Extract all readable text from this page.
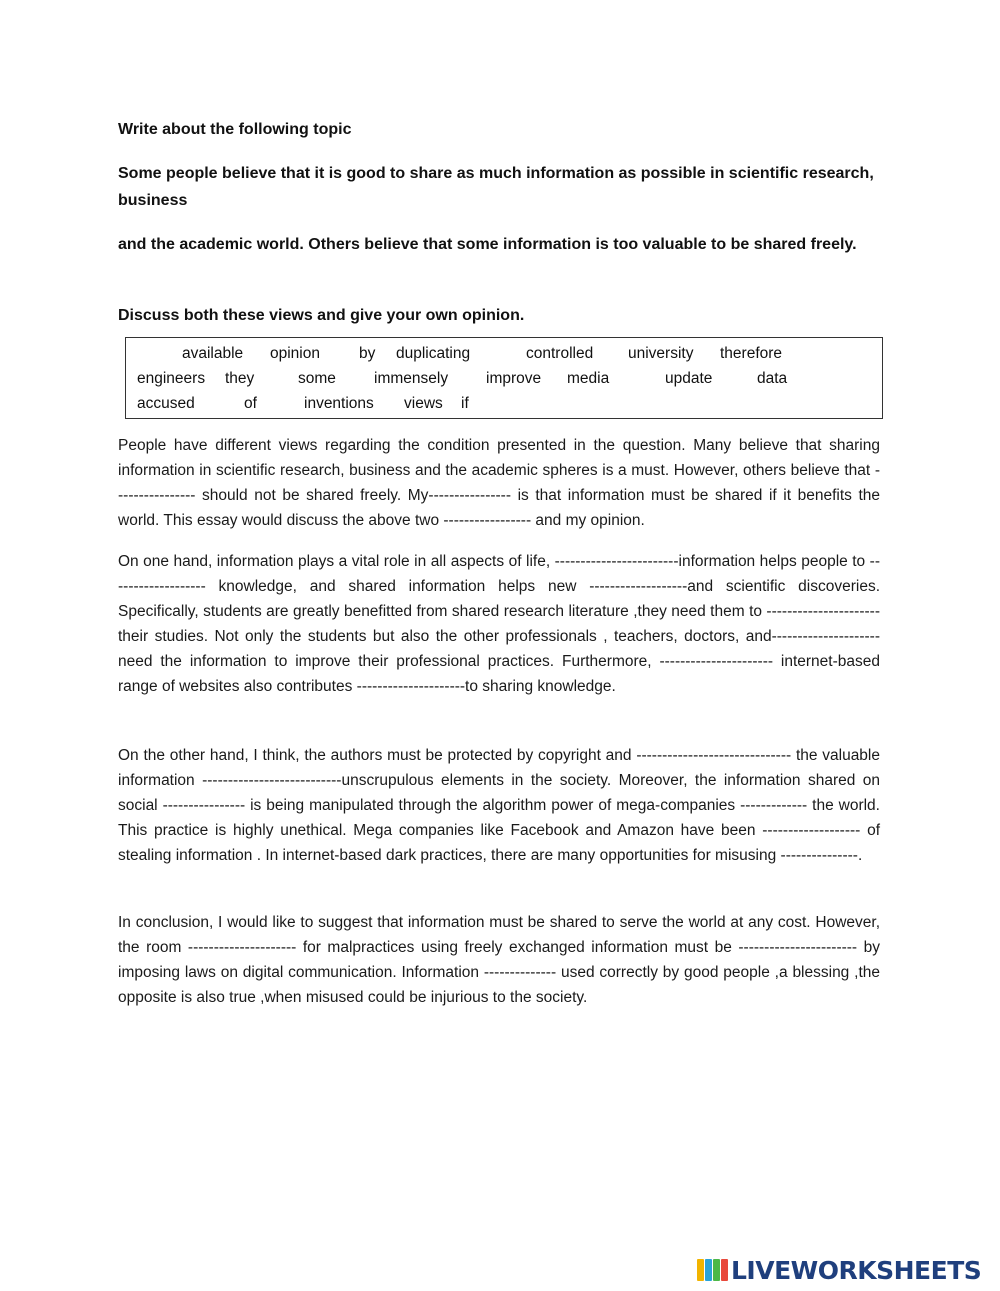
Write about the following topic

Some people believe that it is good to share as much information as possible in scientific research, business

and the academic world. Others believe that some information is too valuable to be shared freely.

Discuss both these views and give your own opinion.

available opinion	by duplicating	controlled university therefore
engineers they	some immensely improve media	update	data
accused	of	inventions views if

People have different views regarding the condition presented in the question. Many believe that sharing information in scientific research, business and the academic spheres is a must. However, others believe that ---------------- should not be shared freely. My---------------- is that information must be shared if it benefits the world. This essay would discuss the above two ----------------- and my opinion.

On one hand, information plays a vital role in all aspects of life, ------------------------information helps people to ------------------- knowledge, and shared information helps new -------------------and scientific discoveries. Specifically, students are greatly benefitted from shared research literature ,they need them to ----------------------their studies. Not only the students but also the other professionals , teachers, doctors, and--------------------- need the information to improve their professional practices. Furthermore, ---------------------- internet-based range of websites also contributes ---------------------to sharing knowledge.

On the other hand, I think, the authors must be protected by copyright and ------------------------------ the valuable information ---------------------------unscrupulous elements in the society. Moreover, the information shared on social ---------------- is being manipulated through the algorithm power of mega-companies ------------- the world. This practice is highly unethical. Mega companies like Facebook and Amazon have been ------------------- of stealing information . In internet-based dark practices, there are many opportunities for misusing ---------------.

In conclusion, I would like to suggest that information must be shared to serve the world at any cost. However, the room --------------------- for malpractices using freely exchanged information must be ----------------------- by imposing laws on digital communication. Information -------------- used correctly by good people ,a blessing ,the opposite is also true ,when misused could be injurious to the society.

LIVEWORKSHEETS
